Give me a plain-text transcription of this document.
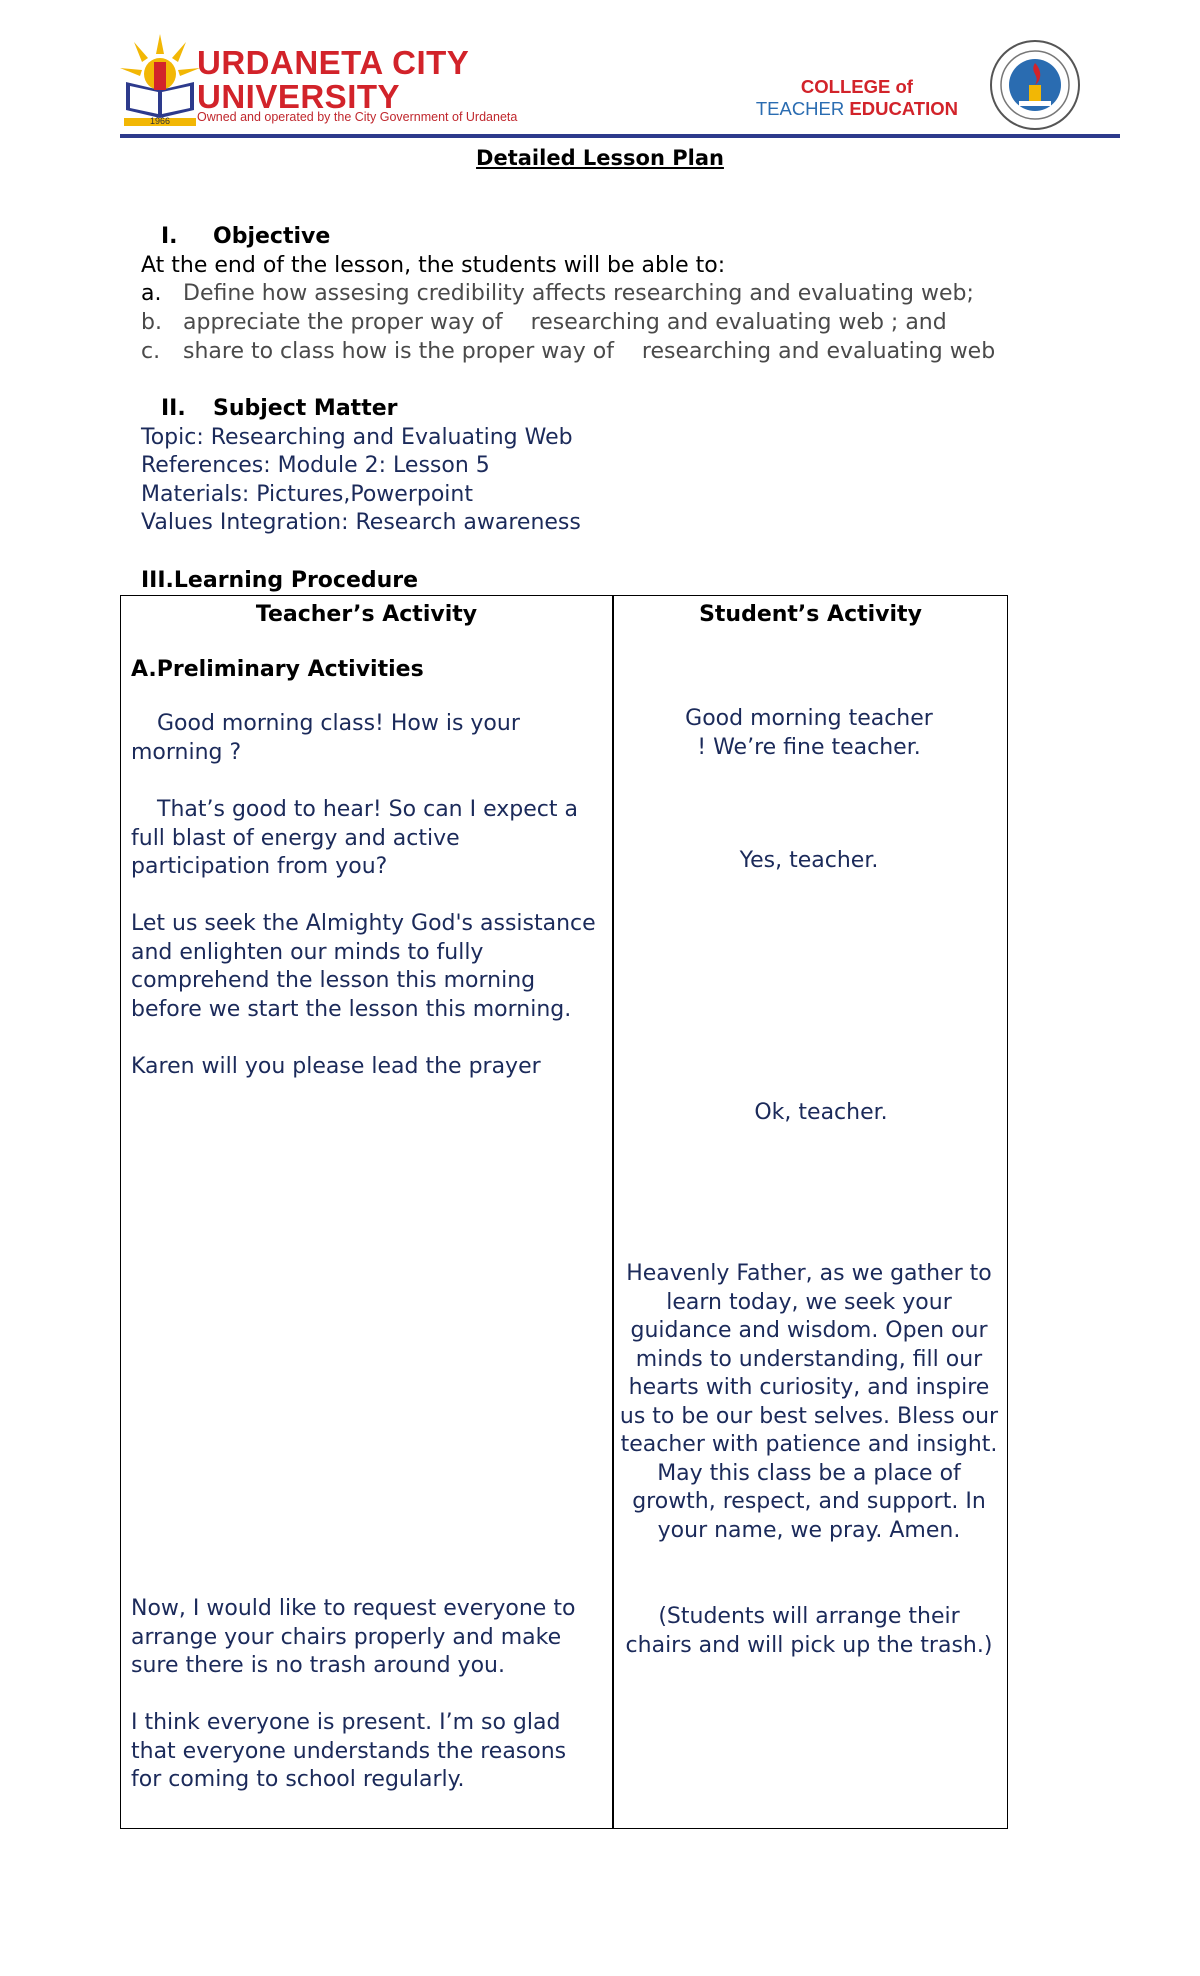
URDANETA CITY
UNIVERSITY
Owned and operated by the City Government of Urdaneta
1966
COLLEGE of
TEACHER EDUCATION
Detailed Lesson Plan
I. Objective
At the end of the lesson, the students will be able to:
a. Define how assesing credibility affects researching and evaluating web;
b. appreciate the proper way of    researching and evaluating web ; and
c. share to class how is the proper way of    researching and evaluating web
II. Subject Matter
Topic: Researching and Evaluating Web
References: Module 2: Lesson 5
Materials: Pictures,Powerpoint
Values Integration: Research awareness
III.Learning Procedure
Teacher’s Activity	Student’s Activity
A.Preliminary Activities
Good morning class! How is your morning ?
That’s good to hear! So can I expect a full blast of energy and active participation from you?
Let us seek the Almighty God's assistance and enlighten our minds to fully comprehend the lesson this morning before we start the lesson this morning.
Karen will you please lead the prayer
Now, I would like to request everyone to arrange your chairs properly and make sure there is no trash around you.
I think everyone is present. I’m so glad that everyone understands the reasons for coming to school regularly.
Good morning teacher ! We’re fine teacher.
Yes, teacher.
Ok, teacher.
Heavenly Father, as we gather to learn today, we seek your guidance and wisdom. Open our minds to understanding, fill our hearts with curiosity, and inspire us to be our best selves. Bless our teacher with patience and insight. May this class be a place of growth, respect, and support. In your name, we pray. Amen.
(Students will arrange their chairs and will pick up the trash.)
